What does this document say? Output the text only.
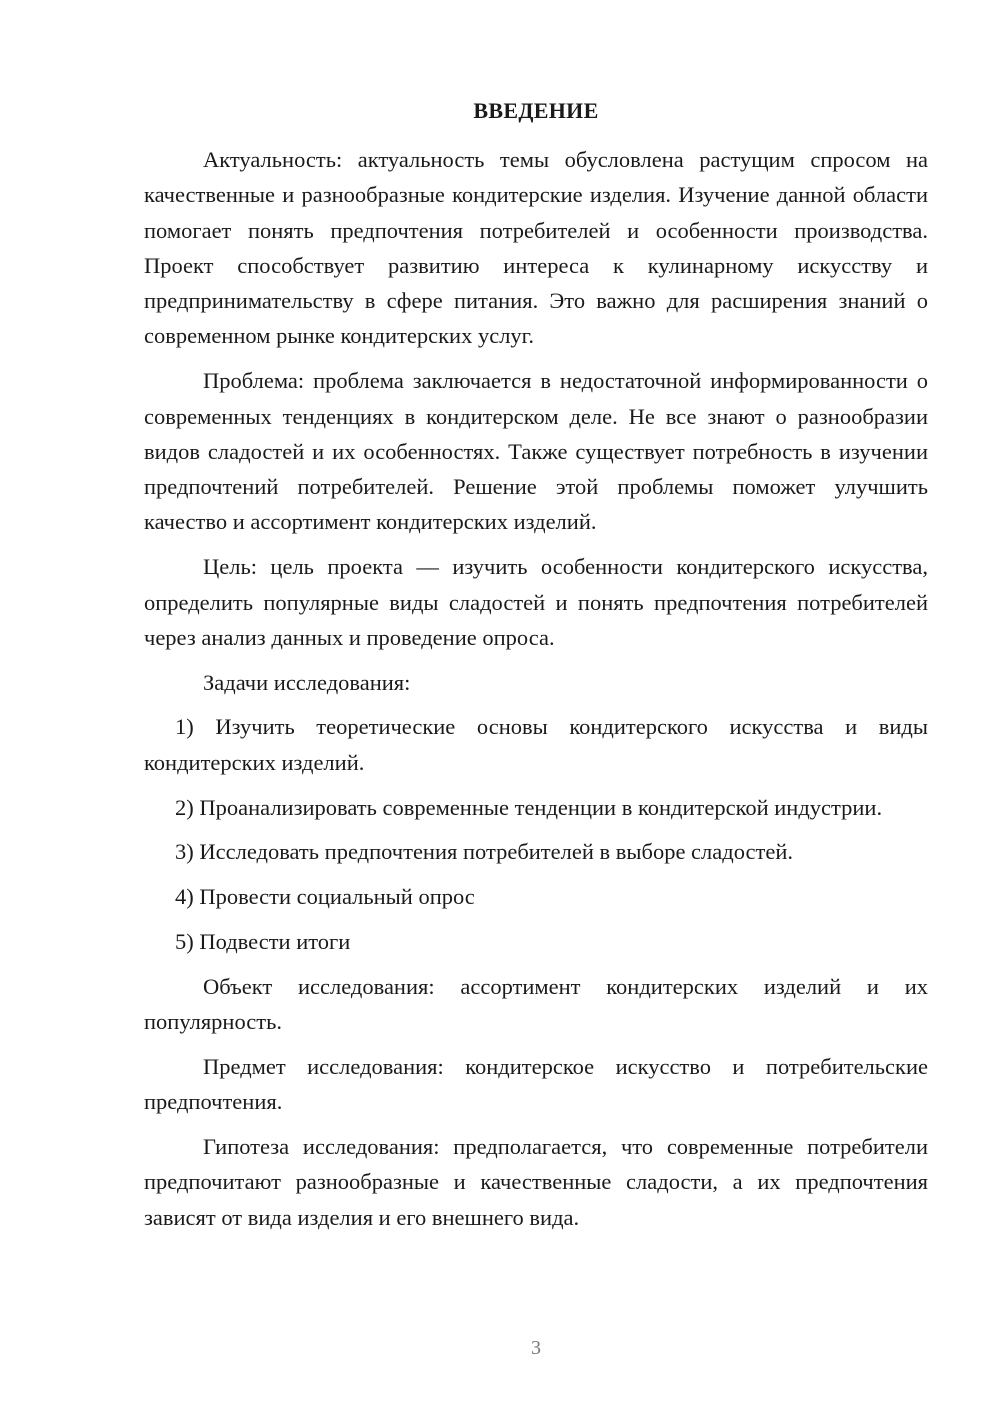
ВВЕДЕНИЕ

Актуальность: актуальность темы обусловлена растущим спросом на качественные и разнообразные кондитерские изделия. Изучение данной области помогает понять предпочтения потребителей и особенности производства. Проект способствует развитию интереса к кулинарному искусству и предпринимательству в сфере питания. Это важно для расширения знаний о современном рынке кондитерских услуг.

Проблема: проблема заключается в недостаточной информированности о современных тенденциях в кондитерском деле. Не все знают о разнообразии видов сладостей и их особенностях. Также существует потребность в изучении предпочтений потребителей. Решение этой проблемы поможет улучшить качество и ассортимент кондитерских изделий.

Цель: цель проекта — изучить особенности кондитерского искусства, определить популярные виды сладостей и понять предпочтения потребителей через анализ данных и проведение опроса.

Задачи исследования:

1) Изучить теоретические основы кондитерского искусства и виды кондитерских изделий.

2) Проанализировать современные тенденции в кондитерской индустрии.

3) Исследовать предпочтения потребителей в выборе сладостей.

4) Провести социальный опрос

5) Подвести итоги

Объект исследования: ассортимент кондитерских изделий и их популярность.

Предмет исследования: кондитерское искусство и потребительские предпочтения.

Гипотеза исследования: предполагается, что современные потребители предпочитают разнообразные и качественные сладости, а их предпочтения зависят от вида изделия и его внешнего вида.

3
